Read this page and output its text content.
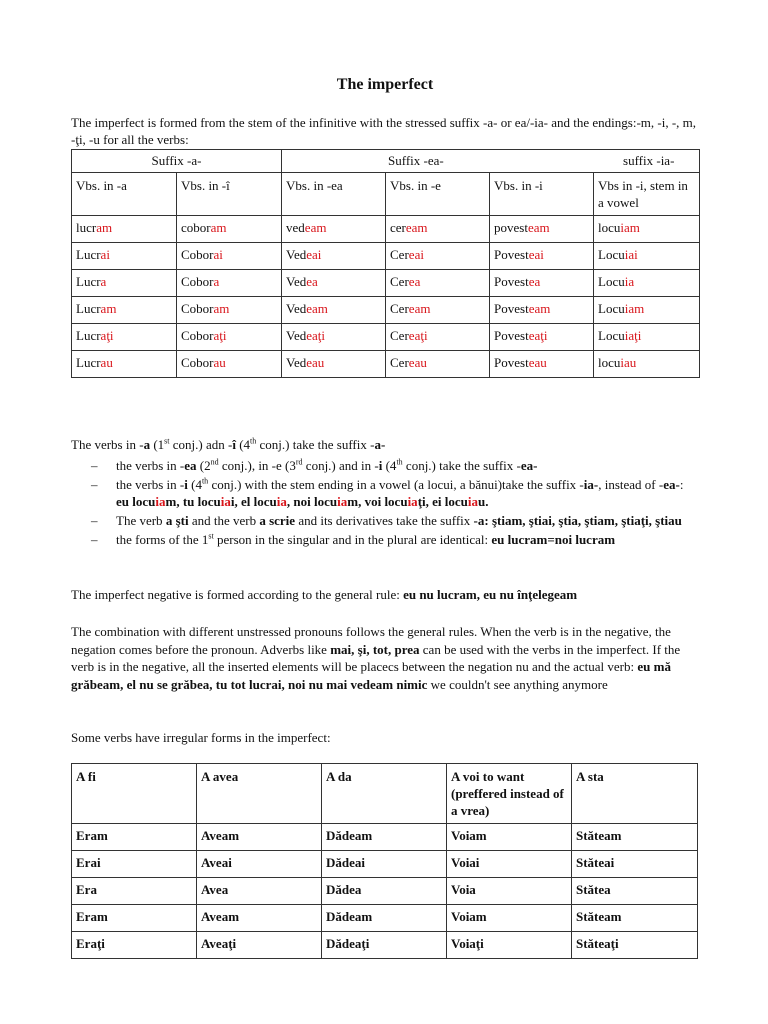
The imperfect
The imperfect is formed from the stem of the infinitive with the stressed suffix -a- or ea/-ia- and the endings:-m, -i, -, m, -ţi, -u for all the verbs:
Suffix -a-		Suffix -ea- suffix -ia-			

Vbs. in -a	Vbs. in -î	Vbs. in -ea	Vbs. in -e	Vbs. in -i	Vbs in -i, stem in a vowel
lucram	coboram	vedeam	ceream	povesteam	locuiam
Lucrai	Coborai	Vedeai	Cereai	Povesteai	Locuiai
Lucra	Cobora	Vedea	Cerea	Povestea	Locuia
Lucram	Coboram	Vedeam	Ceream	Povesteam	Locuiam
Lucraţi	Coboraţi	Vedeaţi	Cereaţi	Povesteaţi	Locuiaţi
Lucrau	Coborau	Vedeau	Cereau	Povesteau	locuiau
The verbs in -a (1st conj.) adn -î (4th conj.) take the suffix -a-
– the verbs in -ea (2nd conj.), in -e (3rd conj.) and in -i (4th conj.) take the suffix -ea-
– the verbs in -i (4th conj.) with the stem ending in a vowel (a locui, a bănui)take the suffix -ia-, instead of -ea-: eu locuiam, tu locuiai, el locuia, noi locuiam, voi locuiaţi, ei locuiau.
– The verb a şti and the verb a scrie and its derivatives take the suffix -a: ştiam, ştiai, ştia, ştiam, ştiaţi, ştiau
– the forms of the 1st person in the singular and in the plural are identical: eu lucram=noi lucram
The imperfect negative is formed according to the general rule: eu nu lucram, eu nu înţelegeam
The combination with different unstressed pronouns follows the general rules. When the verb is in the negative, the negation comes before the pronoun. Adverbs like mai, şi, tot, prea can be used with the verbs in the imperfect. If the verb is in the negative, all the inserted elements will be placecs between the negation nu and the actual verb: eu mă grăbeam, el nu se grăbea, tu tot lucrai, noi nu mai vedeam nimic we couldn't see anything anymore
Some verbs have irregular forms in the imperfect:
A fi	A avea	A da	A voi to want (preffered instead of a vrea)	A sta
Eram	Aveam	Dădeam	Voiam	Stăteam
Erai	Aveai	Dădeai	Voiai	Stăteai
Era	Avea	Dădea	Voia	Stătea
Eram	Aveam	Dădeam	Voiam	Stăteam
Eraţi	Aveaţi	Dădeaţi	Voiaţi	Stăteaţi
